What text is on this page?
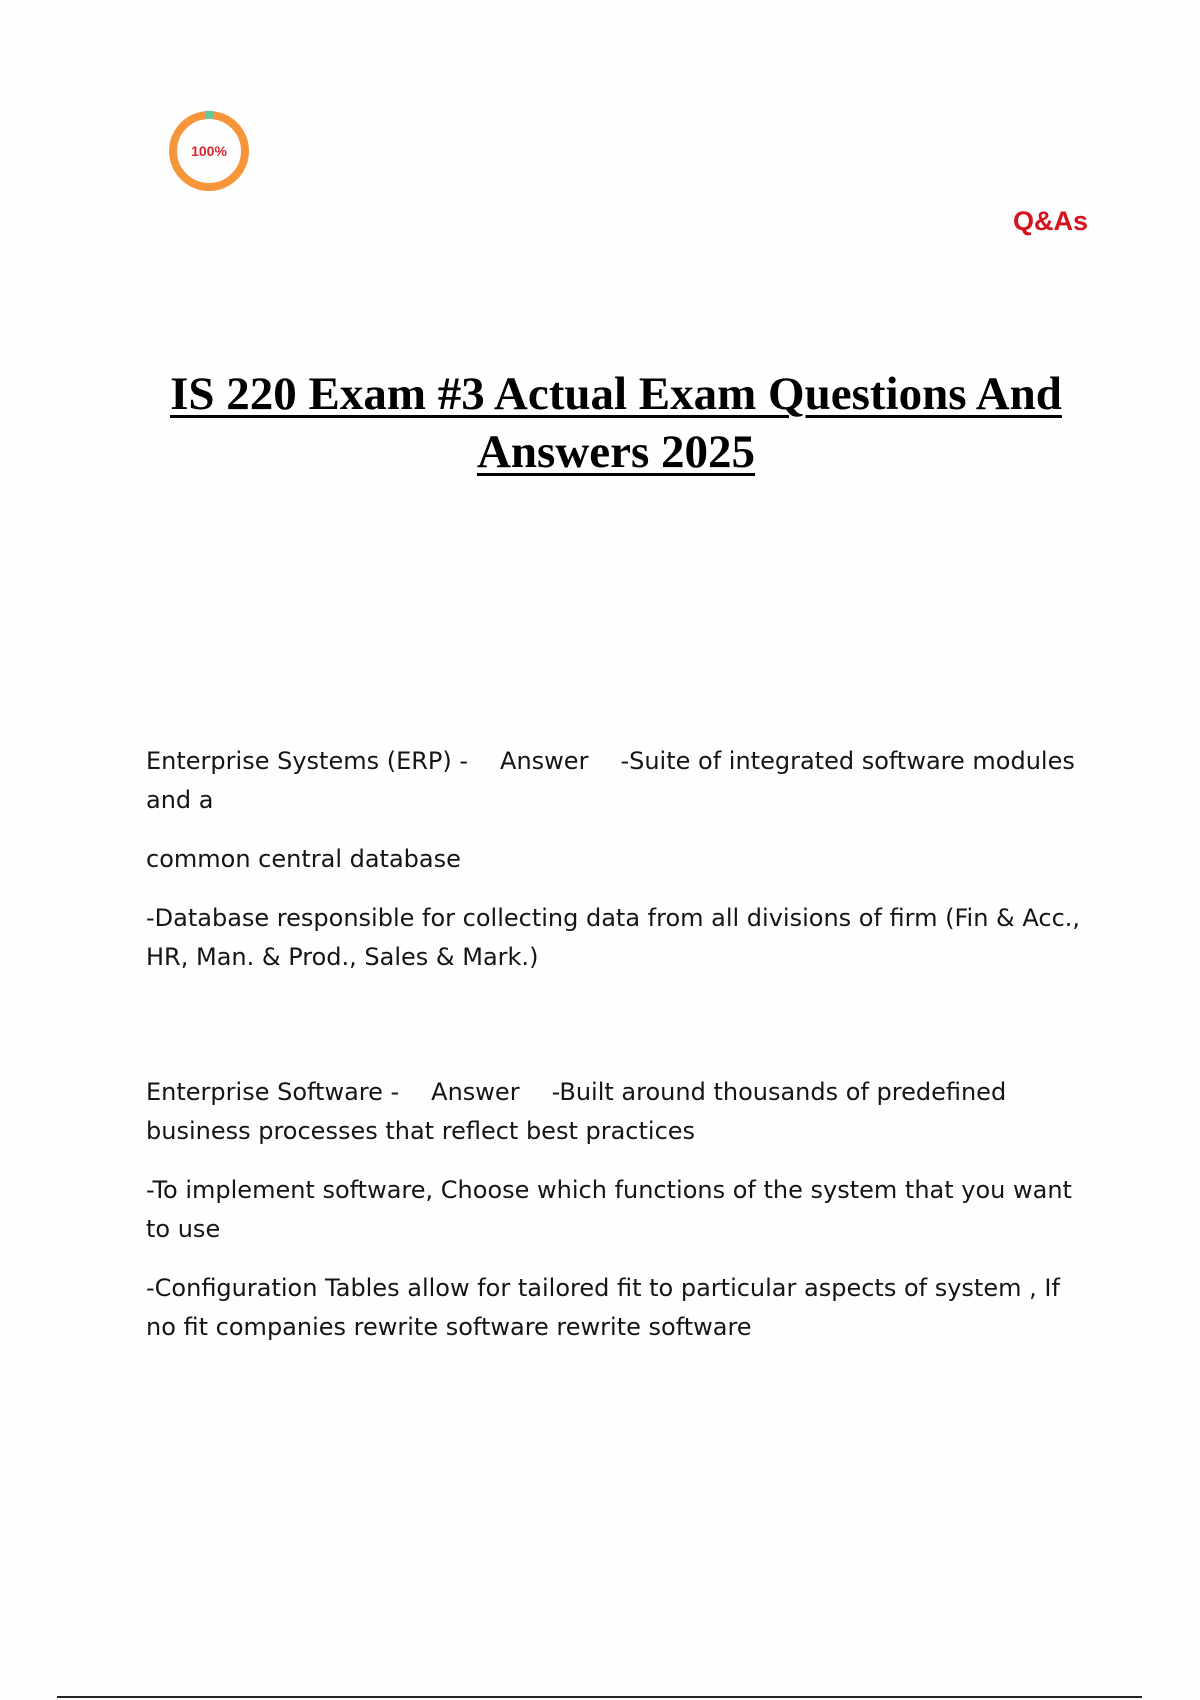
100%
Q&As
IS 220 Exam #3 Actual Exam Questions And
Answers 2025

Enterprise Systems (ERP) - Answer -Suite of integrated software modules and a

common central database

-Database responsible for collecting data from all divisions of firm (Fin & Acc., HR, Man. & Prod., Sales & Mark.)

Enterprise Software - Answer -Built around thousands of predefined business processes that reflect best practices

-To implement software, Choose which functions of the system that you want to use

-Configuration Tables allow for tailored fit to particular aspects of system , If no fit companies rewrite software rewrite software
